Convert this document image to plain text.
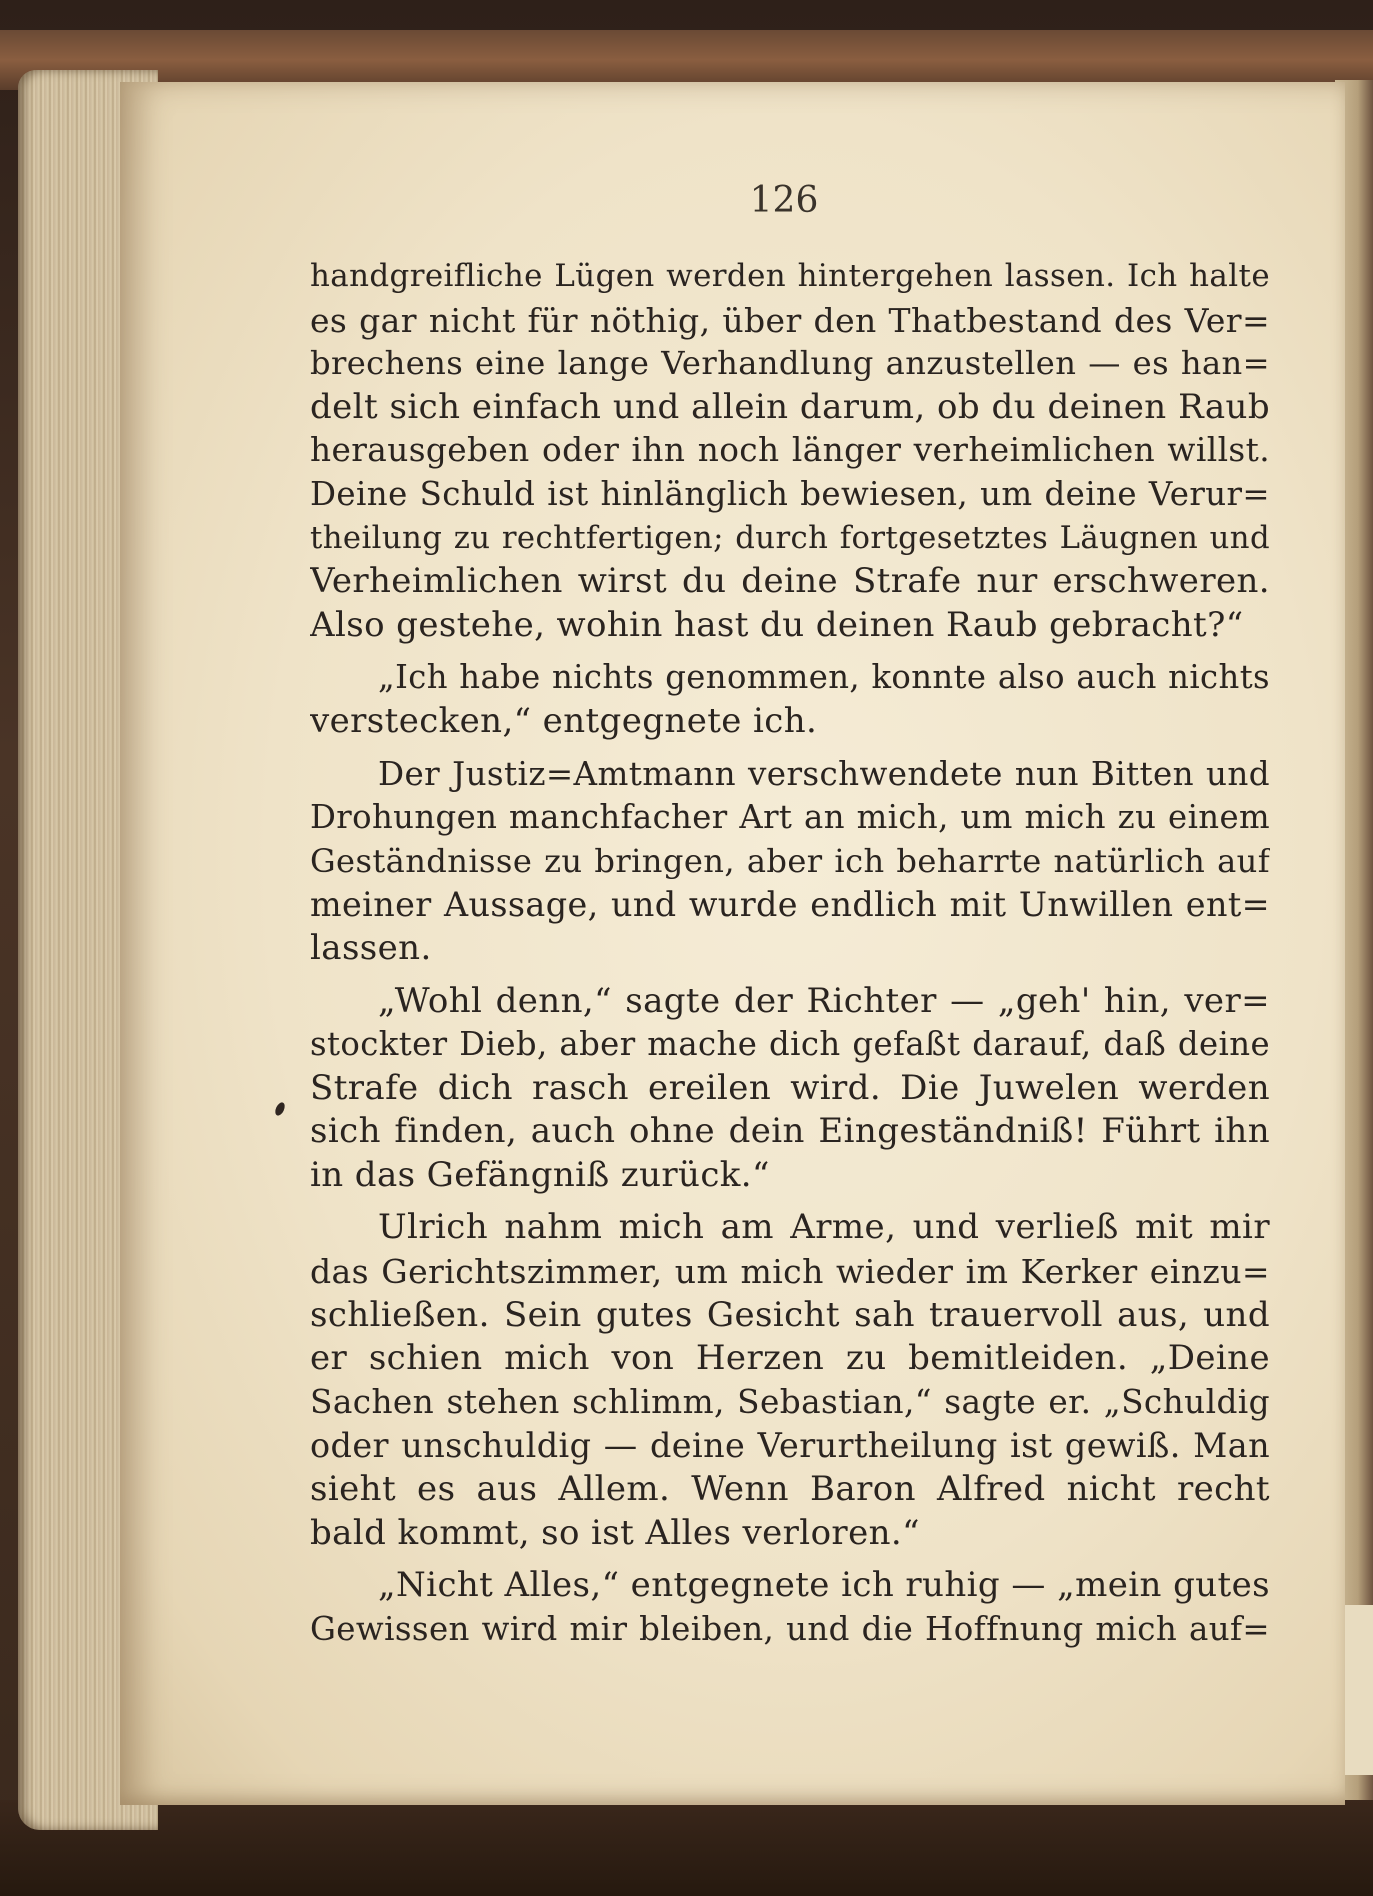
126
handgreifliche Lügen werden hintergehen lassen. Ich halte
es gar nicht für nöthig, über den Thatbestand des Ver=
brechens eine lange Verhandlung anzustellen — es han=
delt sich einfach und allein darum, ob du deinen Raub
herausgeben oder ihn noch länger verheimlichen willst.
Deine Schuld ist hinlänglich bewiesen, um deine Verur=
theilung zu rechtfertigen; durch fortgesetztes Läugnen und
Verheimlichen wirst du deine Strafe nur erschweren.
Also gestehe, wohin hast du deinen Raub gebracht?“
„Ich habe nichts genommen, konnte also auch nichts
verstecken,“ entgegnete ich.
Der Justiz=Amtmann verschwendete nun Bitten und
Drohungen manchfacher Art an mich, um mich zu einem
Geständnisse zu bringen, aber ich beharrte natürlich auf
meiner Aussage, und wurde endlich mit Unwillen ent=
lassen.
„Wohl denn,“ sagte der Richter — „geh' hin, ver=
stockter Dieb, aber mache dich gefaßt darauf, daß deine
Strafe dich rasch ereilen wird. Die Juwelen werden
sich finden, auch ohne dein Eingeständniß! Führt ihn
in das Gefängniß zurück.“
Ulrich nahm mich am Arme, und verließ mit mir
das Gerichtszimmer, um mich wieder im Kerker einzu=
schließen. Sein gutes Gesicht sah trauervoll aus, und
er schien mich von Herzen zu bemitleiden. „Deine
Sachen stehen schlimm, Sebastian,“ sagte er. „Schuldig
oder unschuldig — deine Verurtheilung ist gewiß. Man
sieht es aus Allem. Wenn Baron Alfred nicht recht
bald kommt, so ist Alles verloren.“
„Nicht Alles,“ entgegnete ich ruhig — „mein gutes
Gewissen wird mir bleiben, und die Hoffnung mich auf=
